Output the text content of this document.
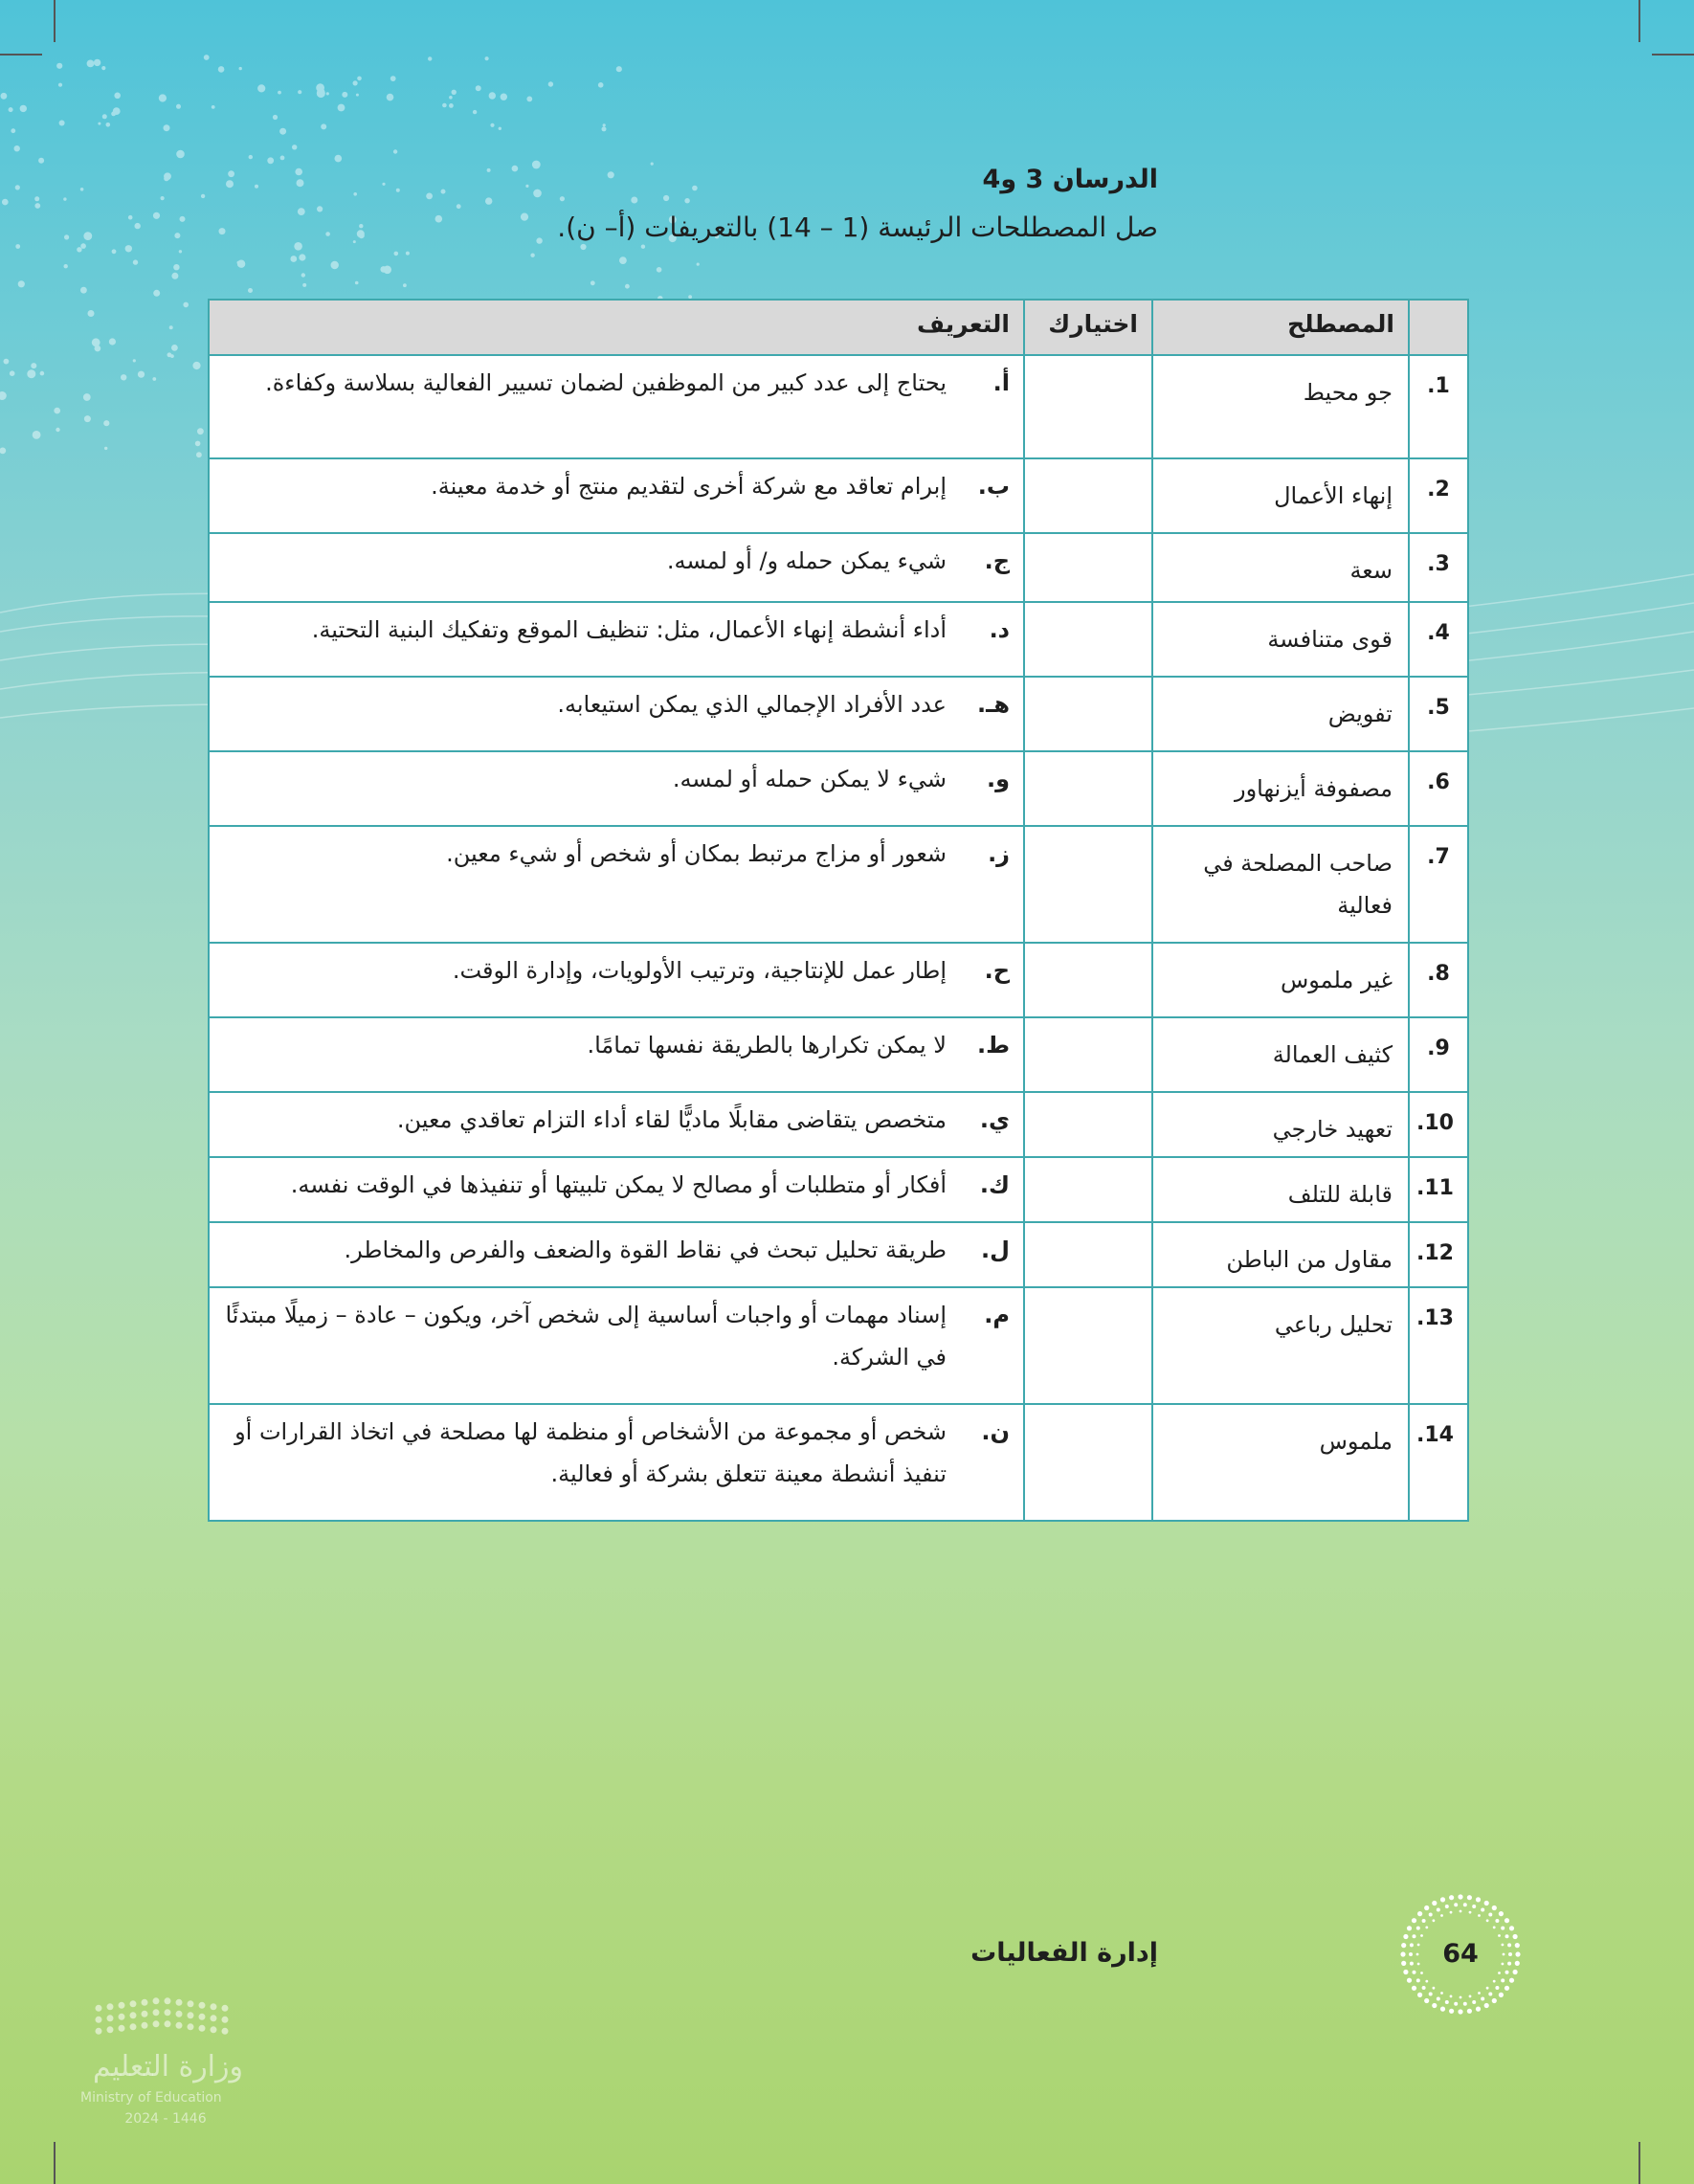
الدرسان 3 و4

صل المصطلحات الرئيسة (1 – 14) بالتعريفات (أ– ن).

	المصطلح	اختيارك	التعريف
1.	جو محيط		أ.
يحتاج إلى عدد كبير من الموظفين لضمان تسيير الفعالية بسلاسة وكفاءة.

2.	إنهاء الأعمال		ب.
إبرام تعاقد مع شركة أخرى لتقديم منتج أو خدمة معينة.

3.	سعة		ج.
شيء يمكن حمله و/ أو لمسه.

4.	قوى متنافسة		د.
أداء أنشطة إنهاء الأعمال، مثل: تنظيف الموقع وتفكيك البنية التحتية.

5.	تفويض		هـ.
عدد الأفراد الإجمالي الذي يمكن استيعابه.

6.	مصفوفة أيزنهاور		و.
شيء لا يمكن حمله أو لمسه.

7.	صاحب المصلحة في فعالية		ز.
شعور أو مزاج مرتبط بمكان أو شخص أو شيء معين.

8.	غير ملموس		ح.
إطار عمل للإنتاجية، وترتيب الأولويات، وإدارة الوقت.

9.	كثيف العمالة		ط.
لا يمكن تكرارها بالطريقة نفسها تمامًا.

10.	تعهيد خارجي		ي.
متخصص يتقاضى مقابلًا ماديًّا لقاء أداء التزام تعاقدي معين.

11.	قابلة للتلف		ك.
أفكار أو متطلبات أو مصالح لا يمكن تلبيتها أو تنفيذها في الوقت نفسه.

12.	مقاول من الباطن		ل.
طريقة تحليل تبحث في نقاط القوة والضعف والفرص والمخاطر.

13.	تحليل رباعي		م.
إسناد مهمات أو واجبات أساسية إلى شخص آخر، ويكون – عادة – زميلًا مبتدئًا في الشركة.

14.	ملموس		ن.
شخص أو مجموعة من الأشخاص أو منظمة لها مصلحة في اتخاذ القرارات أو تنفيذ أنشطة معينة تتعلق بشركة أو فعالية.
إدارة الفعاليات	64
وزارة التعليم
Ministry of Education
2024 - 1446
